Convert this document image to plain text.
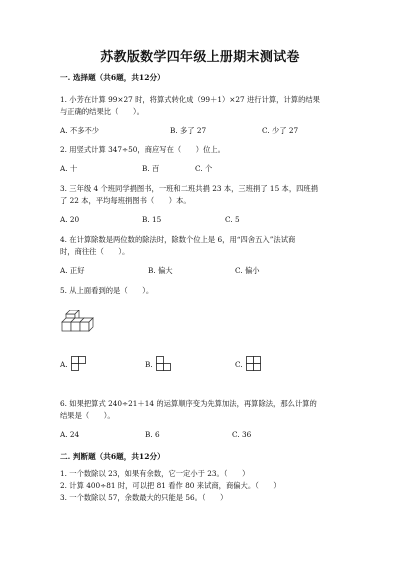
苏教版数学四年级上册期末测试卷
一. 选择题（共6题，共12分）
1. 小芳在计算 99×27 时，将算式转化成（99＋1）×27 进行计算，计算的结果
与正确的结果比（　　）。
A. 不多不少	B. 多了 27	C. 少了 27
2. 用竖式计算 347÷50，商应写在（　　）位上。
A. 十	B. 百	C. 个
3. 三年级 4 个班同学捐图书，一班和二班共捐 23 本，三班捐了 15 本，四班捐
了 22 本，平均每班捐图书（　　）本。
A. 20	B. 15	C. 5
4. 在计算除数是两位数的除法时，除数个位上是 6，用“四舍五入”法试商
时，商往往（　　）。
A. 正好	B. 偏大	C. 偏小
5. 从上面看到的是（　　）。
A.	B.	C.
6. 如果把算式 240÷21＋14 的运算顺序变为先算加法，再算除法，那么计算的
结果是（　　）。
A. 24	B. 6	C. 36
二. 判断题（共6题，共12分）
1. 一个数除以 23，如果有余数，它一定小于 23。（　　）
2. 计算 400÷81 时，可以把 81 看作 80 来试商，商偏大。（　　）
3. 一个数除以 57，余数最大的只能是 56。（　　）
